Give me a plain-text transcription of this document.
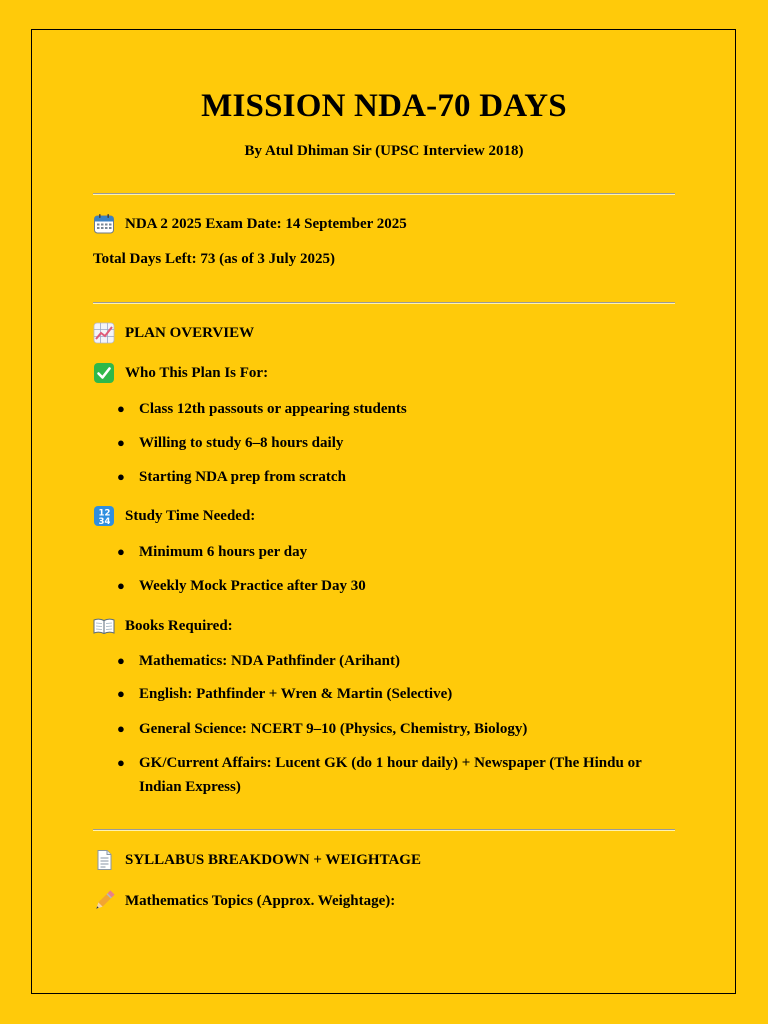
MISSION NDA-70 DAYS
By Atul Dhiman Sir (UPSC Interview 2018)
NDA 2 2025 Exam Date: 14 September 2025
Total Days Left: 73 (as of 3 July 2025)
PLAN OVERVIEW
Who This Plan Is For:
● Class 12th passouts or appearing students
● Willing to study 6–8 hours daily
● Starting NDA prep from scratch
1 2
3 4 Study Time Needed:
● Minimum 6 hours per day
● Weekly Mock Practice after Day 30
Books Required:
● Mathematics: NDA Pathfinder (Arihant)
● English: Pathfinder + Wren & Martin (Selective)
● General Science: NCERT 9–10 (Physics, Chemistry, Biology)
● GK/Current Affairs: Lucent GK (do 1 hour daily) + Newspaper (The Hindu or Indian Express)
SYLLABUS BREAKDOWN + WEIGHTAGE
Mathematics Topics (Approx. Weightage):
